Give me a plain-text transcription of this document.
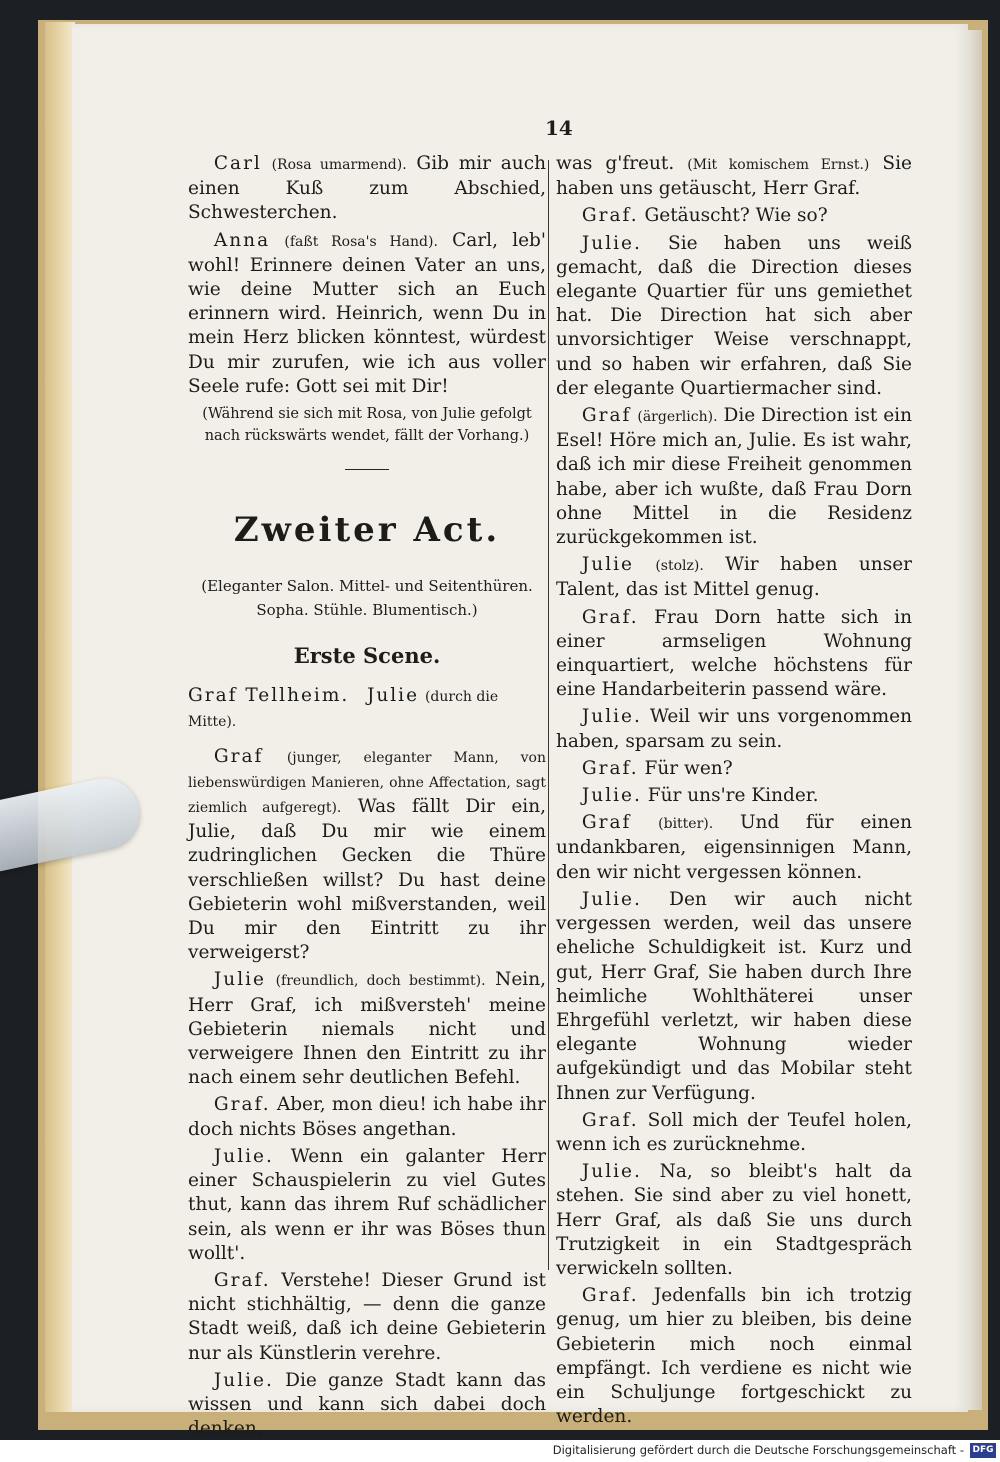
14

Carl (Rosa umarmend). Gib mir auch einen Kuß zum Abschied, Schwesterchen.

Anna (faßt Rosa's Hand). Carl, leb' wohl! Erinnere deinen Vater an uns, wie deine Mutter sich an Euch erinnern wird. Heinrich, wenn Du in mein Herz blicken könntest, würdest Du mir zurufen, wie ich aus voller Seele rufe: Gott sei mit Dir!

(Während sie sich mit Rosa, von Julie gefolgt nach rückswärts wendet, fällt der Vorhang.)

Zweiter Act.
(Eleganter Salon. Mittel- und Seitenthüren. Sopha. Stühle. Blumentisch.)
Erste Scene.

Graf Tellheim. Julie (durch die Mitte).

Graf (junger, eleganter Mann, von liebenswürdigen Manieren, ohne Affectation, sagt ziemlich aufgeregt). Was fällt Dir ein, Julie, daß Du mir wie einem zudringlichen Gecken die Thüre verschließen willst? Du hast deine Gebieterin wohl mißverstanden, weil Du mir den Eintritt zu ihr verweigerst?

Julie (freundlich, doch bestimmt). Nein, Herr Graf, ich mißversteh' meine Gebieterin niemals nicht und verweigere Ihnen den Eintritt zu ihr nach einem sehr deutlichen Befehl.

Graf. Aber, mon dieu! ich habe ihr doch nichts Böses angethan.

Julie. Wenn ein galanter Herr einer Schauspielerin zu viel Gutes thut, kann das ihrem Ruf schädlicher sein, als wenn er ihr was Böses thun wollt'.

Graf. Verstehe! Dieser Grund ist nicht stichhältig, — denn die ganze Stadt weiß, daß ich deine Gebieterin nur als Künstlerin verehre.

Julie. Die ganze Stadt kann das wissen und kann sich dabei doch denken,

was g'freut. (Mit komischem Ernst.) Sie haben uns getäuscht, Herr Graf.

Graf. Getäuscht? Wie so?

Julie. Sie haben uns weiß gemacht, daß die Direction dieses elegante Quartier für uns gemiethet hat. Die Direction hat sich aber unvorsichtiger Weise verschnappt, und so haben wir erfahren, daß Sie der elegante Quartiermacher sind.

Graf (ärgerlich). Die Direction ist ein Esel! Höre mich an, Julie. Es ist wahr, daß ich mir diese Freiheit genommen habe, aber ich wußte, daß Frau Dorn ohne Mittel in die Residenz zurückgekommen ist.

Julie (stolz). Wir haben unser Talent, das ist Mittel genug.

Graf. Frau Dorn hatte sich in einer armseligen Wohnung einquartiert, welche höchstens für eine Handarbeiterin passend wäre.

Julie. Weil wir uns vorgenommen haben, sparsam zu sein.

Graf. Für wen?

Julie. Für uns're Kinder.

Graf (bitter). Und für einen undankbaren, eigensinnigen Mann, den wir nicht vergessen können.

Julie. Den wir auch nicht vergessen werden, weil das unsere eheliche Schuldigkeit ist. Kurz und gut, Herr Graf, Sie haben durch Ihre heimliche Wohlthäterei unser Ehrgefühl verletzt, wir haben diese elegante Wohnung wieder aufgekündigt und das Mobilar steht Ihnen zur Verfügung.

Graf. Soll mich der Teufel holen, wenn ich es zurücknehme.

Julie. Na, so bleibt's halt da stehen. Sie sind aber zu viel honett, Herr Graf, als daß Sie uns durch Trutzigkeit in ein Stadtgespräch verwickeln sollten.

Graf. Jedenfalls bin ich trotzig genug, um hier zu bleiben, bis deine Gebieterin mich noch einmal empfängt. Ich verdiene es nicht wie ein Schuljunge fortgeschickt zu werden.

Digitalisierung gefördert durch die Deutsche Forschungsgemeinschaft - DFG
